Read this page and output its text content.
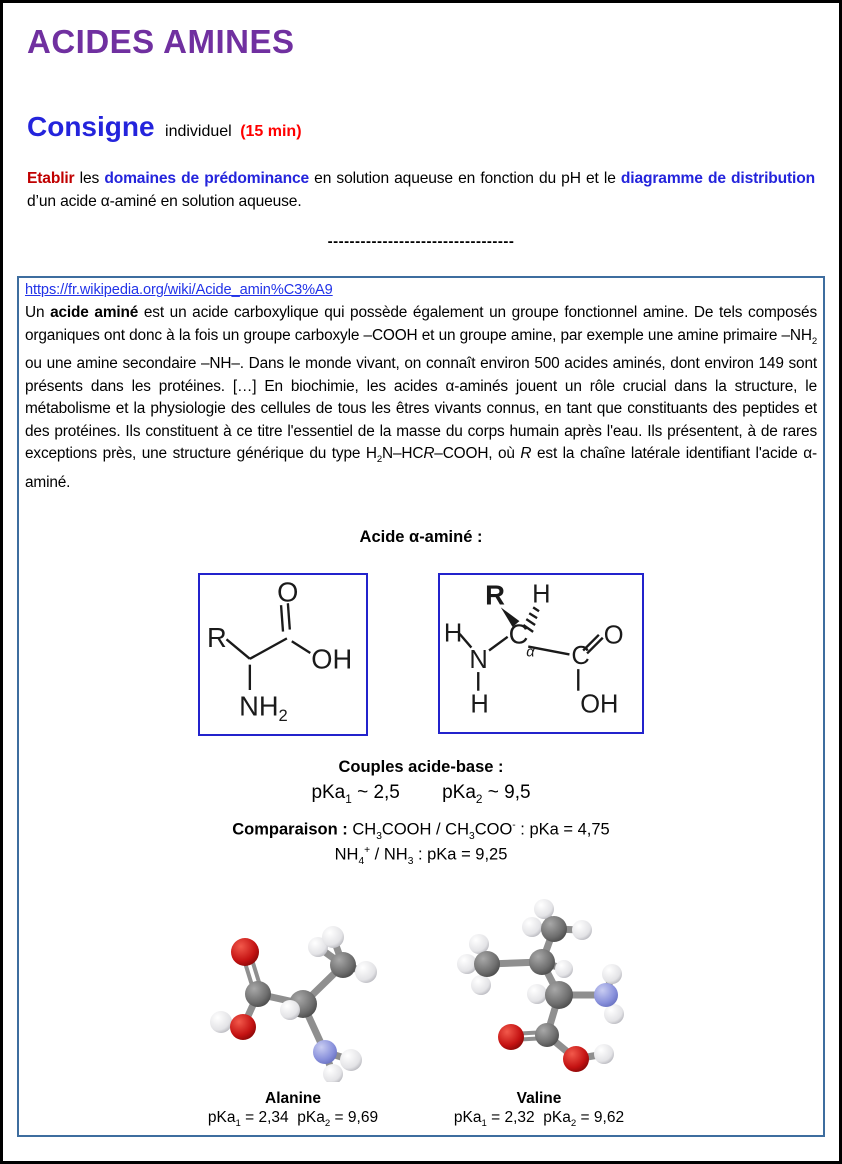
ACIDES AMINES
Consigne individuel (15 min)
Etablir les domaines de prédominance en solution aqueuse en fonction du pH et le diagramme de distribution d’un acide α-aminé en solution aqueuse.
----------------------------------
https://fr.wikipedia.org/wiki/Acide_amin%C3%A9
Un acide aminé est un acide carboxylique qui possède également un groupe fonctionnel amine. De tels composés organiques ont donc à la fois un groupe carboxyle –COOH et un groupe amine, par exemple une amine primaire $-NH_2$ ou une amine secondaire –NH–. Dans le monde vivant, on connaît environ 500 acides aminés, dont environ 149 sont présents dans les protéines. […] En biochimie, les acides α-aminés jouent un rôle crucial dans la structure, le métabolisme et la physiologie des cellules de tous les êtres vivants connus, en tant que constituants des peptides et des protéines. Ils constituent à ce titre l'essentiel de la masse du corps humain après l'eau. Ils présentent, à de rares exceptions près, une structure générique du type $H_2N-HCR$–COOH, où R est la chaîne latérale identifiant l'acide α-aminé.
Acide α-aminé :
R
O
OH
$NH_2$
R H
C
α
H
N
H
C
O
OH
Couples acide-base :
pKa$_1$ ~ 2,5 pKa$_2$ ~ 9,5
Comparaison : $CH_3COOH / CH_3COO^-$ : pKa = 4,75
$NH_4^+ / NH_3$ : pKa = 9,25
Alanine
pKa$_1$ = 2,34  pKa$_2$ = 9,69
Valine
pKa$_1$ = 2,32  pKa$_2$ = 9,62
